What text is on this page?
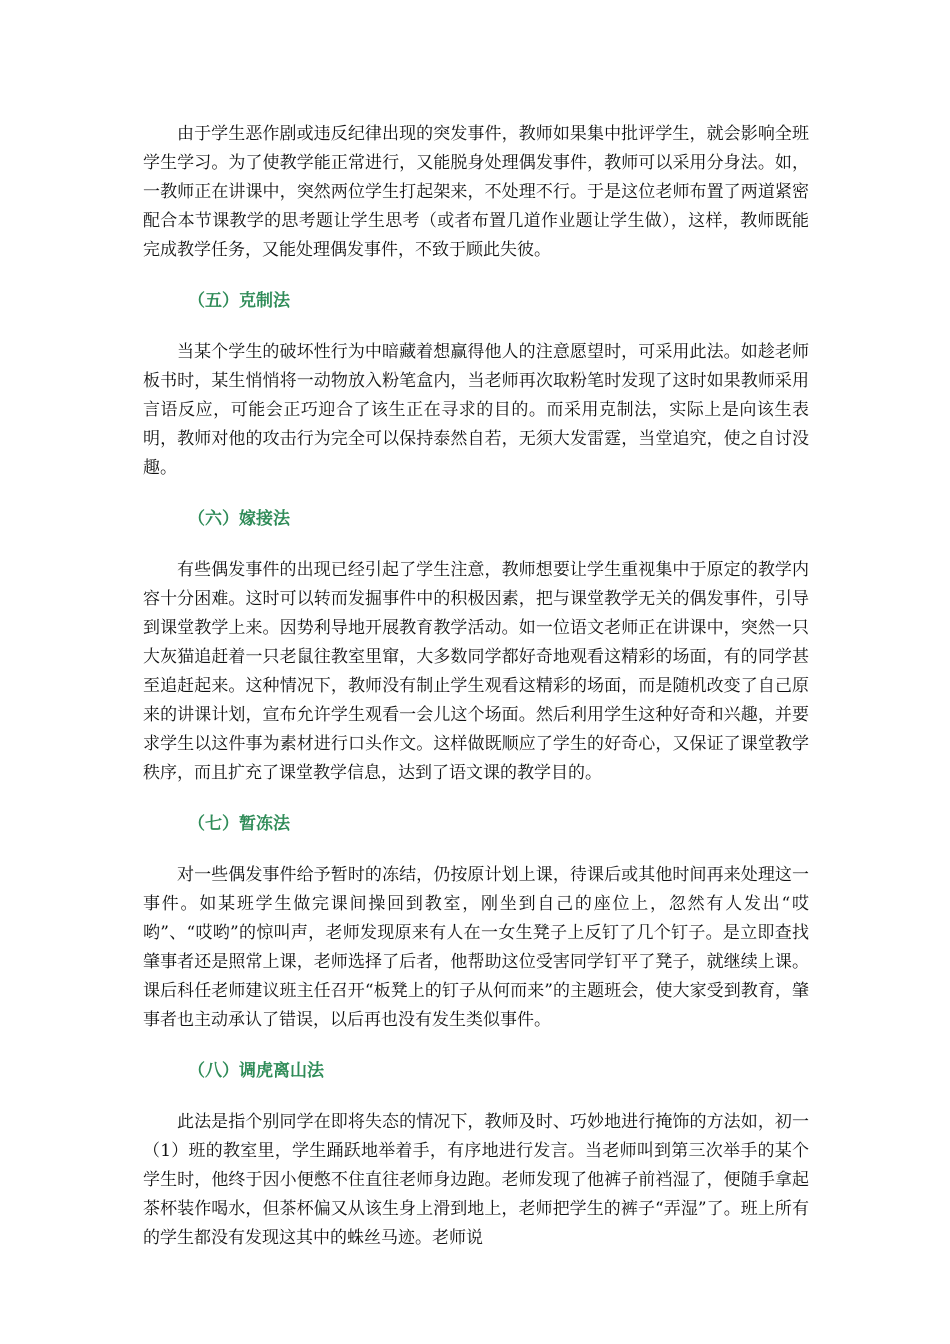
由于学生恶作剧或违反纪律出现的突发事件，教师如果集中批评学生，就会影响全班学生学习。为了使教学能正常进行，又能脱身处理偶发事件，教师可以采用分身法。如，一教师正在讲课中，突然两位学生打起架来，不处理不行。于是这位老师布置了两道紧密配合本节课教学的思考题让学生思考（或者布置几道作业题让学生做），这样，教师既能完成教学任务，又能处理偶发事件，不致于顾此失彼。

（五）克制法

当某个学生的破坏性行为中暗藏着想赢得他人的注意愿望时，可采用此法。如趁老师板书时，某生悄悄将一动物放入粉笔盒内，当老师再次取粉笔时发现了这时如果教师采用言语反应，可能会正巧迎合了该生正在寻求的目的。而采用克制法，实际上是向该生表明，教师对他的攻击行为完全可以保持泰然自若，无须大发雷霆，当堂追究，使之自讨没趣。

（六）嫁接法

有些偶发事件的出现已经引起了学生注意，教师想要让学生重视集中于原定的教学内容十分困难。这时可以转而发掘事件中的积极因素，把与课堂教学无关的偶发事件，引导到课堂教学上来。因势利导地开展教育教学活动。如一位语文老师正在讲课中，突然一只大灰猫追赶着一只老鼠往教室里窜，大多数同学都好奇地观看这精彩的场面，有的同学甚至追赶起来。这种情况下，教师没有制止学生观看这精彩的场面，而是随机改变了自己原来的讲课计划，宣布允许学生观看一会儿这个场面。然后利用学生这种好奇和兴趣，并要求学生以这件事为素材进行口头作文。这样做既顺应了学生的好奇心，又保证了课堂教学秩序，而且扩充了课堂教学信息，达到了语文课的教学目的。

（七）暂冻法

对一些偶发事件给予暂时的冻结，仍按原计划上课，待课后或其他时间再来处理这一事件。如某班学生做完课间操回到教室，刚坐到自己的座位上，忽然有人发出“哎哟”、“哎哟”的惊叫声，老师发现原来有人在一女生凳子上反钉了几个钉子。是立即查找肇事者还是照常上课，老师选择了后者，他帮助这位受害同学钉平了凳子，就继续上课。课后科任老师建议班主任召开“板凳上的钉子从何而来”的主题班会，使大家受到教育，肇事者也主动承认了错误，以后再也没有发生类似事件。

（八）调虎离山法

此法是指个别同学在即将失态的情况下，教师及时、巧妙地进行掩饰的方法如，初一（1）班的教室里，学生踊跃地举着手，有序地进行发言。当老师叫到第三次举手的某个学生时，他终于因小便憋不住直往老师身边跑。老师发现了他裤子前裆湿了，便随手拿起茶杯装作喝水，但茶杯偏又从该生身上滑到地上，老师把学生的裤子“弄湿”了。班上所有的学生都没有发现这其中的蛛丝马迹。老师说
